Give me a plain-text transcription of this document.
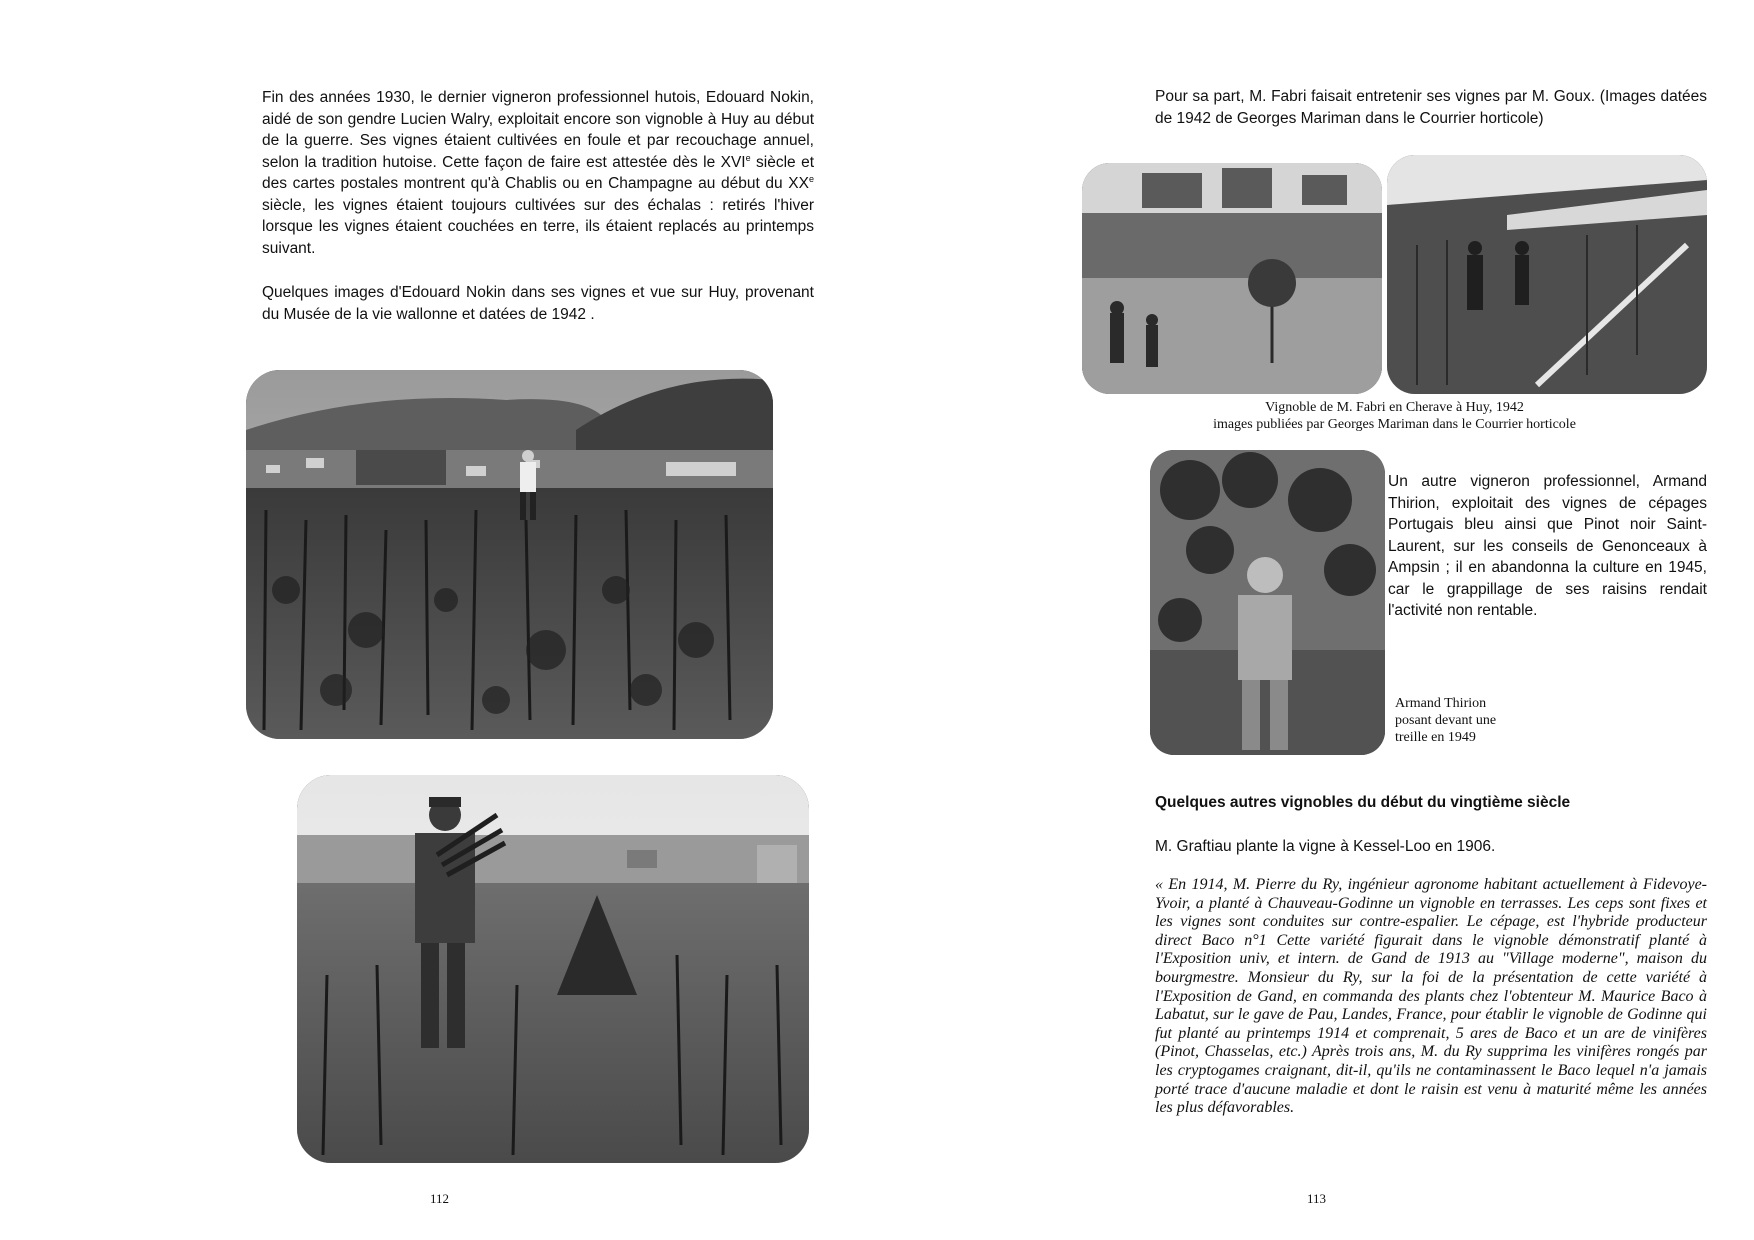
Fin des années 1930, le dernier vigneron professionnel hutois, Edouard Nokin, aidé de son gendre Lucien Walry, exploitait encore son vignoble à Huy au début de la guerre. Ses vignes étaient cultivées en foule et par recouchage annuel, selon la tradition hutoise. Cette façon de faire est attestée dès le XVIe siècle et des cartes postales montrent qu'à Chablis ou en Champagne au début du XXe siècle, les vignes étaient toujours cultivées sur des échalas : retirés l'hiver lorsque les vignes étaient couchées en terre, ils étaient replacés au printemps suivant.

Quelques images d'Edouard Nokin dans ses vignes et vue sur Huy, provenant du Musée de la vie wallonne et datées de 1942 .

112

Pour sa part, M. Fabri faisait entretenir ses vignes par M. Goux. (Images datées de 1942 de Georges Mariman dans le Courrier horticole)

Vignoble de M. Fabri en Cherave à Huy, 1942
images publiées par Georges Mariman dans le Courrier horticole

Un autre vigneron professionnel, Armand Thirion, exploitait des vignes de cépages Portugais bleu ainsi que Pinot noir Saint-Laurent, sur les conseils de Genonceaux à Ampsin ; il en abandonna la culture en 1945, car le grappillage de ses raisins rendait l'activité non rentable.

Armand Thirion
posant devant une
treille en 1949
Quelques autres vignobles du début du vingtième siècle

M. Graftiau plante la vigne à Kessel-Loo en 1906.

« En 1914, M. Pierre du Ry, ingénieur agronome habitant actuellement à Fidevoye-Yvoir, a planté à Chauveau-Godinne un vignoble en terrasses. Les ceps sont fixes et les vignes sont conduites sur contre-espalier. Le cépage, est l'hybride producteur direct Baco n°1 Cette variété figurait dans le vignoble démonstratif planté à l'Exposition univ, et intern. de Gand de 1913 au "Village moderne", maison du bourgmestre. Monsieur du Ry, sur la foi de la présentation de cette variété à l'Exposition de Gand, en commanda des plants chez l'obtenteur M. Maurice Baco à Labatut, sur le gave de Pau, Landes, France, pour établir le vignoble de Godinne qui fut planté au printemps 1914 et comprenait, 5 ares de Baco et un are de vinifères (Pinot, Chasselas, etc.) Après trois ans, M. du Ry supprima les vinifères rongés par les cryptogames craignant, dit-il, qu'ils ne contaminassent le Baco lequel n'a jamais porté trace d'aucune maladie et dont le raisin est venu à maturité même les années les plus défavorables.

113
